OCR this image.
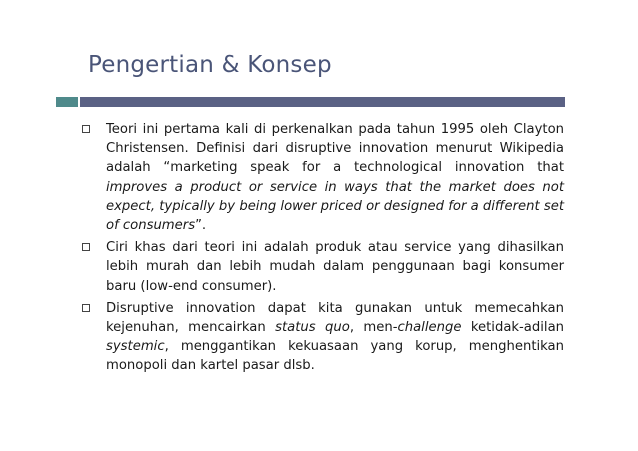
Pengertian & Konsep
Teori ini pertama kali di perkenalkan pada tahun 1995 oleh Clayton Christensen. Definisi dari disruptive innovation menurut Wikipedia adalah “marketing speak for a technological innovation that improves a product or service in ways that the market does not expect, typically by being lower priced or designed for a different set of consumers”.
Ciri khas dari teori ini adalah produk atau service yang dihasilkan lebih murah dan lebih mudah dalam penggunaan bagi konsumer baru (low-end consumer).
Disruptive innovation dapat kita gunakan untuk memecahkan kejenuhan, mencairkan status quo, men-challenge ketidak-adilan systemic, menggantikan kekuasaan yang korup, menghentikan monopoli dan kartel pasar dlsb.
